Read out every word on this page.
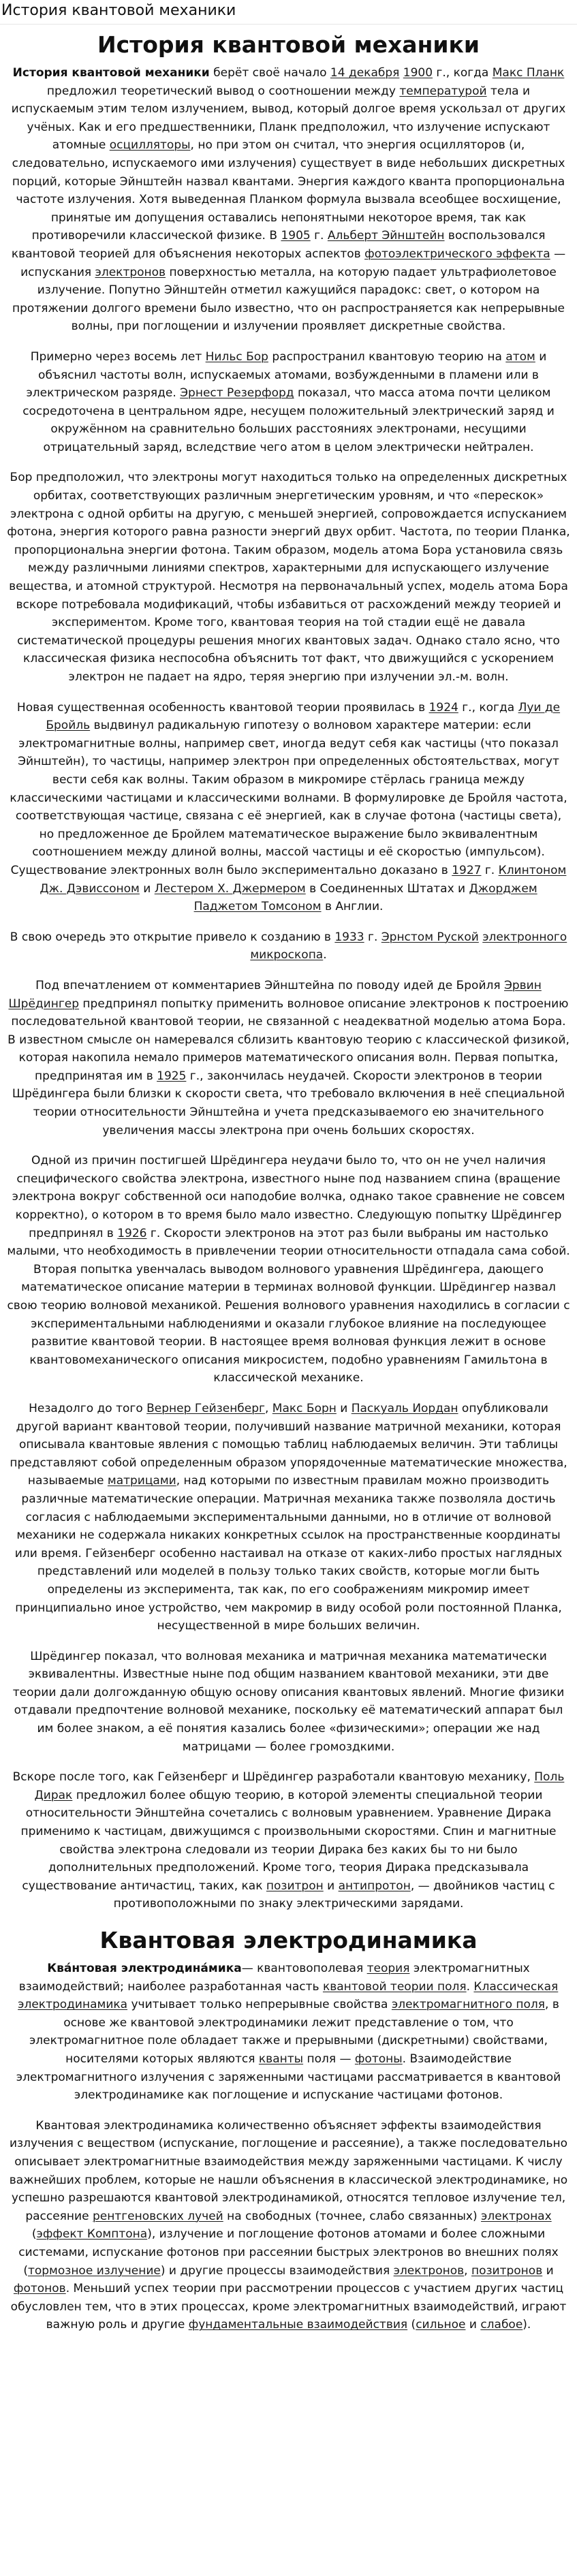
История квантовой механики
История квантовой механики

История квантовой механики берёт своё начало 14 декабря 1900 г., когда Макс Планк предложил теоретический вывод о соотношении между температурой тела и испускаемым этим телом излучением, вывод, который долгое время ускользал от других учёных. Как и его предшественники, Планк предположил, что излучение испускают атомные осцилляторы, но при этом он считал, что энергия осцилляторов (и, следовательно, испускаемого ими излучения) существует в виде небольших дискретных порций, которые Эйнштейн назвал квантами. Энергия каждого кванта пропорциональна частоте излучения. Хотя выведенная Планком формула вызвала всеобщее восхищение, принятые им допущения оставались непонятными некоторое время, так как противоречили классической физике. В 1905 г. Альберт Эйнштейн воспользовался квантовой теорией для объяснения некоторых аспектов фотоэлектрического эффекта — испускания электронов поверхностью металла, на которую падает ультрафиолетовое излучение. Попутно Эйнштейн отметил кажущийся парадокс: свет, о котором на протяжении долгого времени было известно, что он распространяется как непрерывные волны, при поглощении и излучении проявляет дискретные свойства.

Примерно через восемь лет Нильс Бор распространил квантовую теорию на атом и объяснил частоты волн, испускаемых атомами, возбужденными в пламени или в электрическом разряде. Эрнест Резерфорд показал, что масса атома почти целиком сосредоточена в центральном ядре, несущем положительный электрический заряд и окружённом на сравнительно больших расстояниях электронами, несущими отрицательный заряд, вследствие чего атом в целом электрически нейтрален.

Бор предположил, что электроны могут находиться только на определенных дискретных орбитах, соответствующих различным энергетическим уровням, и что «перескок» электрона с одной орбиты на другую, с меньшей энергией, сопровождается испусканием фотона, энергия которого равна разности энергий двух орбит. Частота, по теории Планка, пропорциональна энергии фотона. Таким образом, модель атома Бора установила связь между различными линиями спектров, характерными для испускающего излучение вещества, и атомной структурой. Несмотря на первоначальный успех, модель атома Бора вскоре потребовала модификаций, чтобы избавиться от расхождений между теорией и экспериментом. Кроме того, квантовая теория на той стадии ещё не давала систематической процедуры решения многих квантовых задач. Однако стало ясно, что классическая физика неспособна объяснить тот факт, что движущийся с ускорением электрон не падает на ядро, теряя энергию при излучении эл.-м. волн.

Новая существенная особенность квантовой теории проявилась в 1924 г., когда Луи де Бройль выдвинул радикальную гипотезу о волновом характере материи: если электромагнитные волны, например свет, иногда ведут себя как частицы (что показал Эйнштейн), то частицы, например электрон при определенных обстоятельствах, могут вести себя как волны. Таким образом в микромире стёрлась граница между классическими частицами и классическими волнами. В формулировке де Бройля частота, соответствующая частице, связана с её энергией, как в случае фотона (частицы света), но предложенное де Бройлем математическое выражение было эквивалентным соотношением между длиной волны, массой частицы и её скоростью (импульсом). Существование электронных волн было экспериментально доказано в 1927 г. Клинтоном Дж. Дэвиссоном и Лестером Х. Джермером в Соединенных Штатах и Джорджем Паджетом Томсоном в Англии.

В свою очередь это открытие привело к созданию в 1933 г. Эрнстом Руской электронного микроскопа.

Под впечатлением от комментариев Эйнштейна по поводу идей де Бройля Эрвин Шрёдингер предпринял попытку применить волновое описание электронов к построению последовательной квантовой теории, не связанной с неадекватной моделью атома Бора. В известном смысле он намеревался сблизить квантовую теорию с классической физикой, которая накопила немало примеров математического описания волн. Первая попытка, предпринятая им в 1925 г., закончилась неудачей. Скорости электронов в теории Шрёдингера были близки к скорости света, что требовало включения в неё специальной теории относительности Эйнштейна и учета предсказываемого ею значительного увеличения массы электрона при очень больших скоростях.

Одной из причин постигшей Шрёдингера неудачи было то, что он не учел наличия специфического свойства электрона, известного ныне под названием спина (вращение электрона вокруг собственной оси наподобие волчка, однако такое сравнение не совсем корректно), о котором в то время было мало известно. Следующую попытку Шрёдингер предпринял в 1926 г. Скорости электронов на этот раз были выбраны им настолько малыми, что необходимость в привлечении теории относительности отпадала сама собой. Вторая попытка увенчалась выводом волнового уравнения Шрёдингера, дающего математическое описание материи в терминах волновой функции. Шрёдингер назвал свою теорию волновой механикой. Решения волнового уравнения находились в согласии с экспериментальными наблюдениями и оказали глубокое влияние на последующее развитие квантовой теории. В настоящее время волновая функция лежит в основе квантовомеханического описания микросистем, подобно уравнениям Гамильтона в классической механике.

Незадолго до того Вернер Гейзенберг, Макс Борн и Паскуаль Иордан опубликовали другой вариант квантовой теории, получивший название матричной механики, которая описывала квантовые явления с помощью таблиц наблюдаемых величин. Эти таблицы представляют собой определенным образом упорядоченные математические множества, называемые матрицами, над которыми по известным правилам можно производить различные математические операции. Матричная механика также позволяла достичь согласия с наблюдаемыми экспериментальными данными, но в отличие от волновой механики не содержала никаких конкретных ссылок на пространственные координаты или время. Гейзенберг особенно настаивал на отказе от каких-либо простых наглядных представлений или моделей в пользу только таких свойств, которые могли быть определены из эксперимента, так как, по его соображениям микромир имеет принципиально иное устройство, чем макромир в виду особой роли постоянной Планка, несущественной в мире больших величин.

Шрёдингер показал, что волновая механика и матричная механика математически эквивалентны. Известные ныне под общим названием квантовой механики, эти две теории дали долгожданную общую основу описания квантовых явлений. Многие физики отдавали предпочтение волновой механике, поскольку её математический аппарат был им более знаком, а её понятия казались более «физическими»; операции же над матрицами — более громоздкими.

Вскоре после того, как Гейзенберг и Шрёдингер разработали квантовую механику, Поль Дирак предложил более общую теорию, в которой элементы специальной теории относительности Эйнштейна сочетались с волновым уравнением. Уравнение Дирака применимо к частицам, движущимся с произвольными скоростями. Спин и магнитные свойства электрона следовали из теории Дирака без каких бы то ни было дополнительных предположений. Кроме того, теория Дирака предсказывала существование античастиц, таких, как позитрон и антипротон, — двойников частиц с противоположными по знаку электрическими зарядами.

Квантовая электродинамика

Ква́нтовая электродина́мика— квантовополевая теория электромагнитных взаимодействий; наиболее разработанная часть квантовой теории поля. Классическая электродинамика учитывает только непрерывные свойства электромагнитного поля, в основе же квантовой электродинамики лежит представление о том, что электромагнитное поле обладает также и прерывными (дискретными) свойствами, носителями которых являются кванты поля — фотоны. Взаимодействие электромагнитного излучения с заряженными частицами рассматривается в квантовой электродинамике как поглощение и испускание частицами фотонов.

Квантовая электродинамика количественно объясняет эффекты взаимодействия излучения с веществом (испускание, поглощение и рассеяние), а также последовательно описывает электромагнитные взаимодействия между заряженными частицами. К числу важнейших проблем, которые не нашли объяснения в классической электродинамике, но успешно разрешаются квантовой электродинамикой, относятся тепловое излучение тел, рассеяние рентгеновских лучей на свободных (точнее, слабо связанных) электронах (эффект Комптона), излучение и поглощение фотонов атомами и более сложными системами, испускание фотонов при рассеянии быстрых электронов во внешних полях (тормозное излучение) и другие процессы взаимодействия электронов, позитронов и фотонов. Меньший успех теории при рассмотрении процессов с участием других частиц обусловлен тем, что в этих процессах, кроме электромагнитных взаимодействий, играют важную роль и другие фундаментальные взаимодействия (сильное и слабое).
